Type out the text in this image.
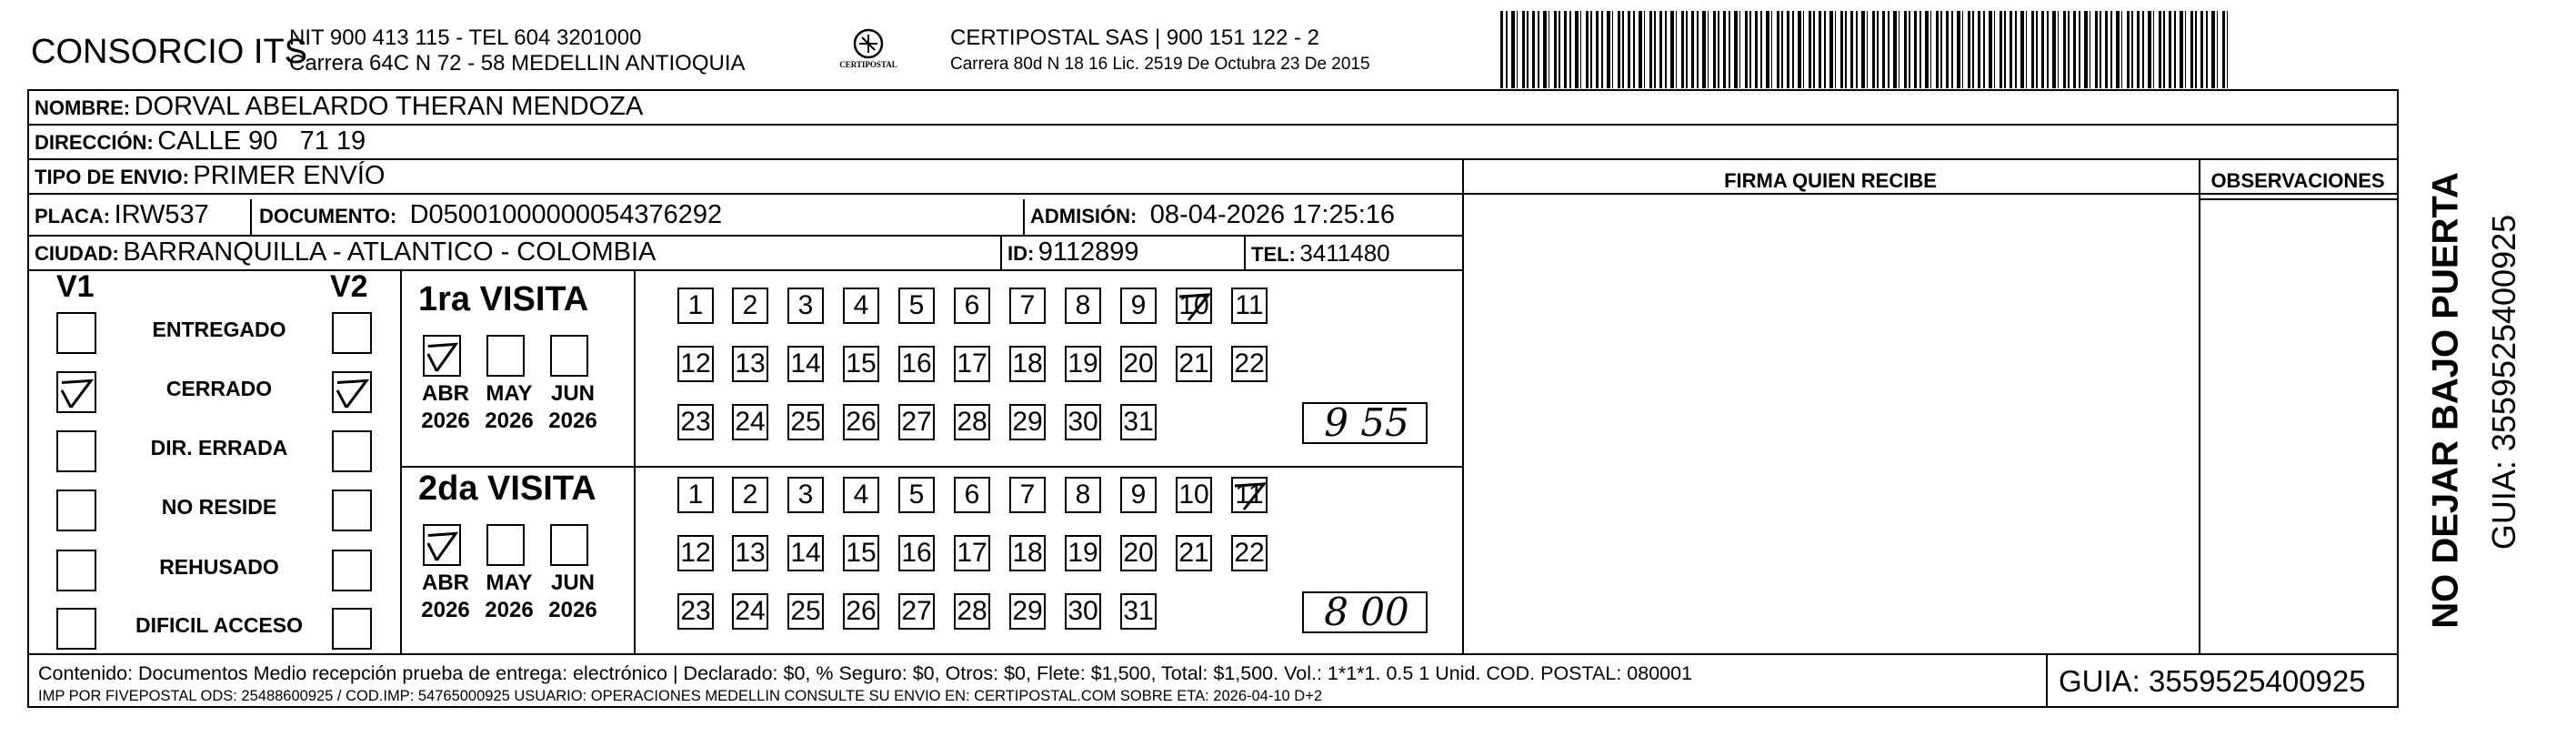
CONSORCIO ITS
NIT 900 413 115 - TEL 604 3201000
Carrera 64C N 72 - 58 MEDELLIN ANTIOQUIA	CERTIPOSTAL
CERTIPOSTAL SAS | 900 151 122 - 2
Carrera 80d N 18 16 Lic. 2519 De Octubra 23 De 2015
NOMBRE: DORVAL ABELARDO THERAN MENDOZA
DIRECCIÓN: CALLE 90   71 19
TIPO DE ENVIO: PRIMER ENVÍO	FIRMA QUIEN RECIBE	OBSERVACIONES
PLACA: IRW537	DOCUMENTO: D05001000000054376292	ADMISIÓN: 08-04-2026 17:25:16
CIUDAD: BARRANQUILLA - ATLANTICO - COLOMBIA	ID: 9112899	TEL: 3411480
V1	V2
ENTREGADO
CERRADO
DIR. ERRADA
NO RESIDE
REHUSADO
DIFICIL ACCESO
1ra VISITA
2da VISITA
ABR
2026
MAY
2026
JUN
2026
1	2	3	4	5	6	7	8	9	10 11
12 13 14 15 16 17 18 19 20 21 22
23 24 25 26 27 28 29 30 31	9 55
ABR
2026
MAY
2026
JUN
2026
1	2	3	4	5	6	7	8	9	10 11
12 13 14 15 16 17 18 19 20 21 22
23 24 25 26 27 28 29 30 31	8 00
Contenido: Documentos Medio recepción prueba de entrega: electrónico | Declarado: $0, % Seguro: $0, Otros: $0, Flete: $1,500, Total: $1,500. Vol.: 1*1*1. 0.5 1 Unid. COD. POSTAL: 080001
IMP POR FIVEPOSTAL ODS: 25488600925 / COD.IMP: 54765000925 USUARIO: OPERACIONES MEDELLIN CONSULTE SU ENVIO EN: CERTIPOSTAL.COM SOBRE ETA: 2026-04-10 D+2	GUIA: 3559525400925
NO DEJAR BAJO PUERTA GUIA: 3559525400925
